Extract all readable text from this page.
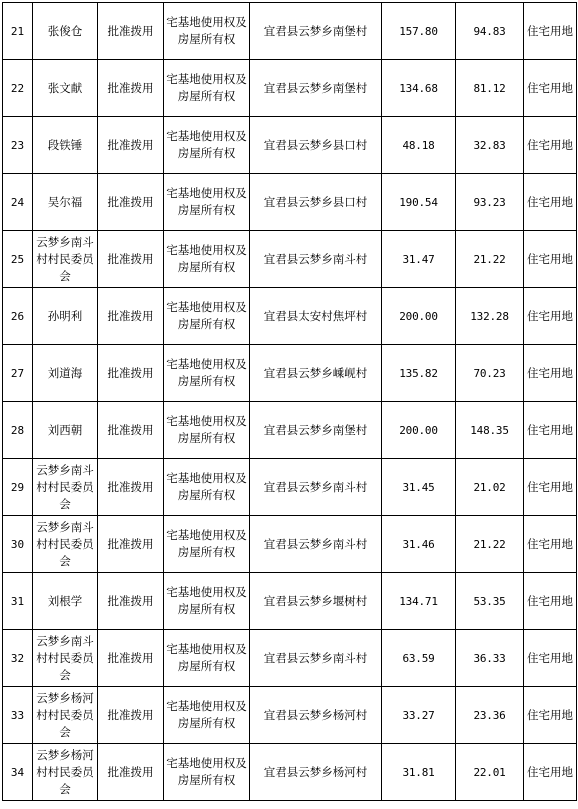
21	张俊仓	批准拨用	宅基地使用权及房屋所有权	宜君县云梦乡南堡村	157.80	94.83	住宅用地
22	张文献	批准拨用	宅基地使用权及房屋所有权	宜君县云梦乡南堡村	134.68	81.12	住宅用地
23	段铁锤	批准拨用	宅基地使用权及房屋所有权	宜君县云梦乡县口村	48.18	32.83	住宅用地
24	吴尔福	批准拨用	宅基地使用权及房屋所有权	宜君县云梦乡县口村	190.54	93.23	住宅用地
25	云梦乡南斗村村民委员会	批准拨用	宅基地使用权及房屋所有权	宜君县云梦乡南斗村	31.47	21.22	住宅用地
26	孙明利	批准拨用	宅基地使用权及房屋所有权	宜君县太安村焦坪村	200.00	132.28	住宅用地
27	刘道海	批准拨用	宅基地使用权及房屋所有权	宜君县云梦乡嵊岘村	135.82	70.23	住宅用地
28	刘西朝	批准拨用	宅基地使用权及房屋所有权	宜君县云梦乡南堡村	200.00	148.35	住宅用地
29	云梦乡南斗村村民委员会	批准拨用	宅基地使用权及房屋所有权	宜君县云梦乡南斗村	31.45	21.02	住宅用地
30	云梦乡南斗村村民委员会	批准拨用	宅基地使用权及房屋所有权	宜君县云梦乡南斗村	31.46	21.22	住宅用地
31	刘根学	批准拨用	宅基地使用权及房屋所有权	宜君县云梦乡堰树村	134.71	53.35	住宅用地
32	云梦乡南斗村村民委员会	批准拨用	宅基地使用权及房屋所有权	宜君县云梦乡南斗村	63.59	36.33	住宅用地
33	云梦乡杨河村村民委员会	批准拨用	宅基地使用权及房屋所有权	宜君县云梦乡杨河村	33.27	23.36	住宅用地
34	云梦乡杨河村村民委员会	批准拨用	宅基地使用权及房屋所有权	宜君县云梦乡杨河村	31.81	22.01	住宅用地
